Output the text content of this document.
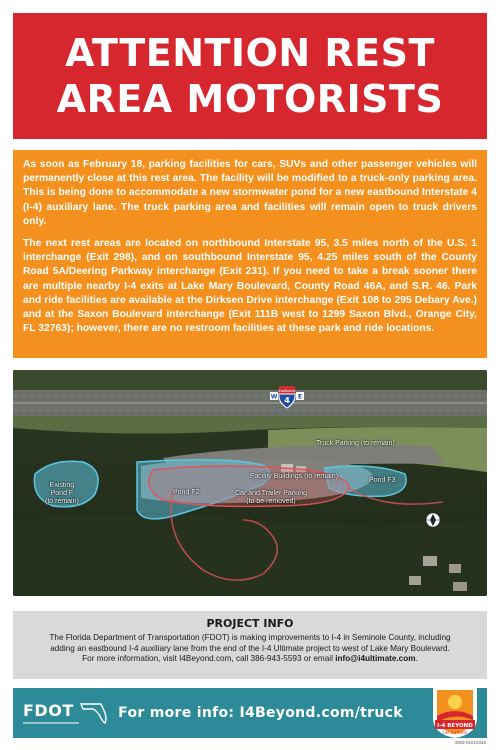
ATTENTION REST
AREA MOTORISTS

As soon as February 18, parking facilities for cars, SUVs and other passenger vehicles will permanently close at this rest area. The facility will be modified to a truck-only parking area. This is being done to accommodate a new stormwater pond for a new eastbound Interstate 4 (I-4) auxiliary lane. The truck parking area and facilities will remain open to truck drivers only.

The next rest areas are located on northbound Interstate 95, 3.5 miles north of the U.S. 1 interchange (Exit 298), and on southbound Interstate 95, 4.25 miles south of the County Road 5A/Deering Parkway interchange (Exit 231). If you need to take a break sooner there are multiple nearby I-4 exits at Lake Mary Boulevard, County Road 46A, and S.R. 46. Park and ride facilities are available at the Dirksen Drive interchange (Exit 108 to 295 Debary Ave.) and at the Saxon Boulevard interchange (Exit 111B west to 1299 Saxon Blvd., Orange City, FL 32763); however, there are no restroom facilities at these park and ride locations.

Eastbound
4
W	E
Truck Parking (to remain)
Facility Buildings (to remain)
Existing
Pond F
(to remain)
Pond F2
Pond F3
Car and Trailer Parking
(to be removed)
PROJECT INFO
The Florida Department of Transportation (FDOT) is making improvements to I-4 in Seminole County, including
adding an eastbound I-4 auxiliary lane from the end of the I-4 Ultimate project to west of Lake Mary Boulevard.
For more information, visit I4Beyond.com, call 386-943-5593 or email info@i4ultimate.com.
FDOT	For more info: I4Beyond.com/truck
I-4 BEYOND
THE ULTIMATE
4083-01010316
